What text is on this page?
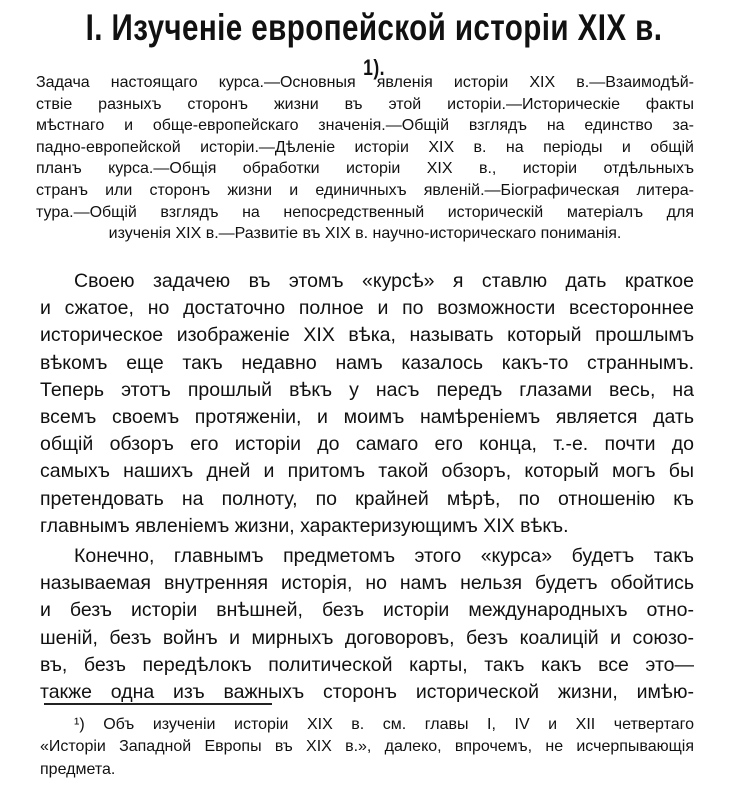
I. Изученіе европейской исторіи XIX в. $^{1).}$
Задача настоящаго курса.—Основныя явленія исторіи XIX в.—Взаимодѣй-
ствіе разныхъ сторонъ жизни въ этой исторіи.—Историческіе факты
мѣстнаго и обще-европейскаго значенія.—Общій взглядъ на единство за-
падно-европейской исторіи.—Дѣленіе исторіи XIX в. на періоды и общій
планъ курса.—Общія обработки исторіи XIX в., исторіи отдѣльныхъ
странъ или сторонъ жизни и единичныхъ явленій.—Біографическая литера-
тура.—Общій взглядъ на непосредственный историческій матеріалъ для
изученія XIX в.—Развитіе въ XIX в. научно-историческаго пониманія.
Своею задачею въ этомъ «курсѣ» я ставлю дать краткое
и сжатое, но достаточно полное и по возможности всестороннее
историческое изображеніе XIX вѣка, называть который прошлымъ
вѣкомъ еще такъ недавно намъ казалось какъ-то страннымъ.
Теперь этотъ прошлый вѣкъ у насъ передъ глазами весь, на
всемъ своемъ протяженіи, и моимъ намѣреніемъ является дать
общій обзоръ его исторіи до самаго его конца, т.-е. почти до
самыхъ нашихъ дней и притомъ такой обзоръ, который могъ бы
претендовать на полноту, по крайней мѣрѣ, по отношенію къ
главнымъ явленіемъ жизни, характеризующимъ XIX вѣкъ.
Конечно, главнымъ предметомъ этого «курса» будетъ такъ
называемая внутренняя исторія, но намъ нельзя будетъ обойтись
и безъ исторіи внѣшней, безъ исторіи международныхъ отно-
шеній, безъ войнъ и мирныхъ договоровъ, безъ коалицій и союзо-
въ, безъ передѣлокъ политической карты, такъ какъ все это—
также одна изъ важныхъ сторонъ исторической жизни, имѣю-
¹) Объ изученіи исторіи XIX в. см. главы I, IV и XII четвертаго
«Исторіи Западной Европы въ XIX в.», далеко, впрочемъ, не исчерпывающія
предмета.
